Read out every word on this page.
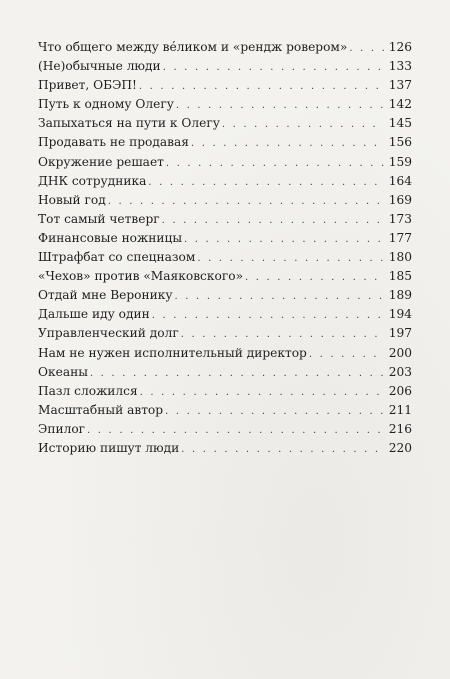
Что общего между вéликом и «рендж ровером» . . .	126
(Не)обычные люди . . .	133
Привет, ОБЭП! . . .	137
Путь к одному Олегу . . .	142
Запыхаться на пути к Олегу . . .	145
Продавать не продавая . . .	156
Окружение решает . . .	159
ДНК сотрудника . . .	164
Новый год . . .	169
Тот самый четверг . . .	173
Финансовые ножницы . . .	177
Штрафбат со спецназом . . .	180
«Чехов» против «Маяковского» . . .	185
Отдай мне Веронику . . .	189
Дальше иду один . . .	194
Управленческий долг . . .	197
Нам не нужен исполнительный директор . . .	200
Океаны . . .	203
Пазл сложился . . .	206
Масштабный автор . . .	211
Эпилог . . .	216
Историю пишут люди . . .	220
